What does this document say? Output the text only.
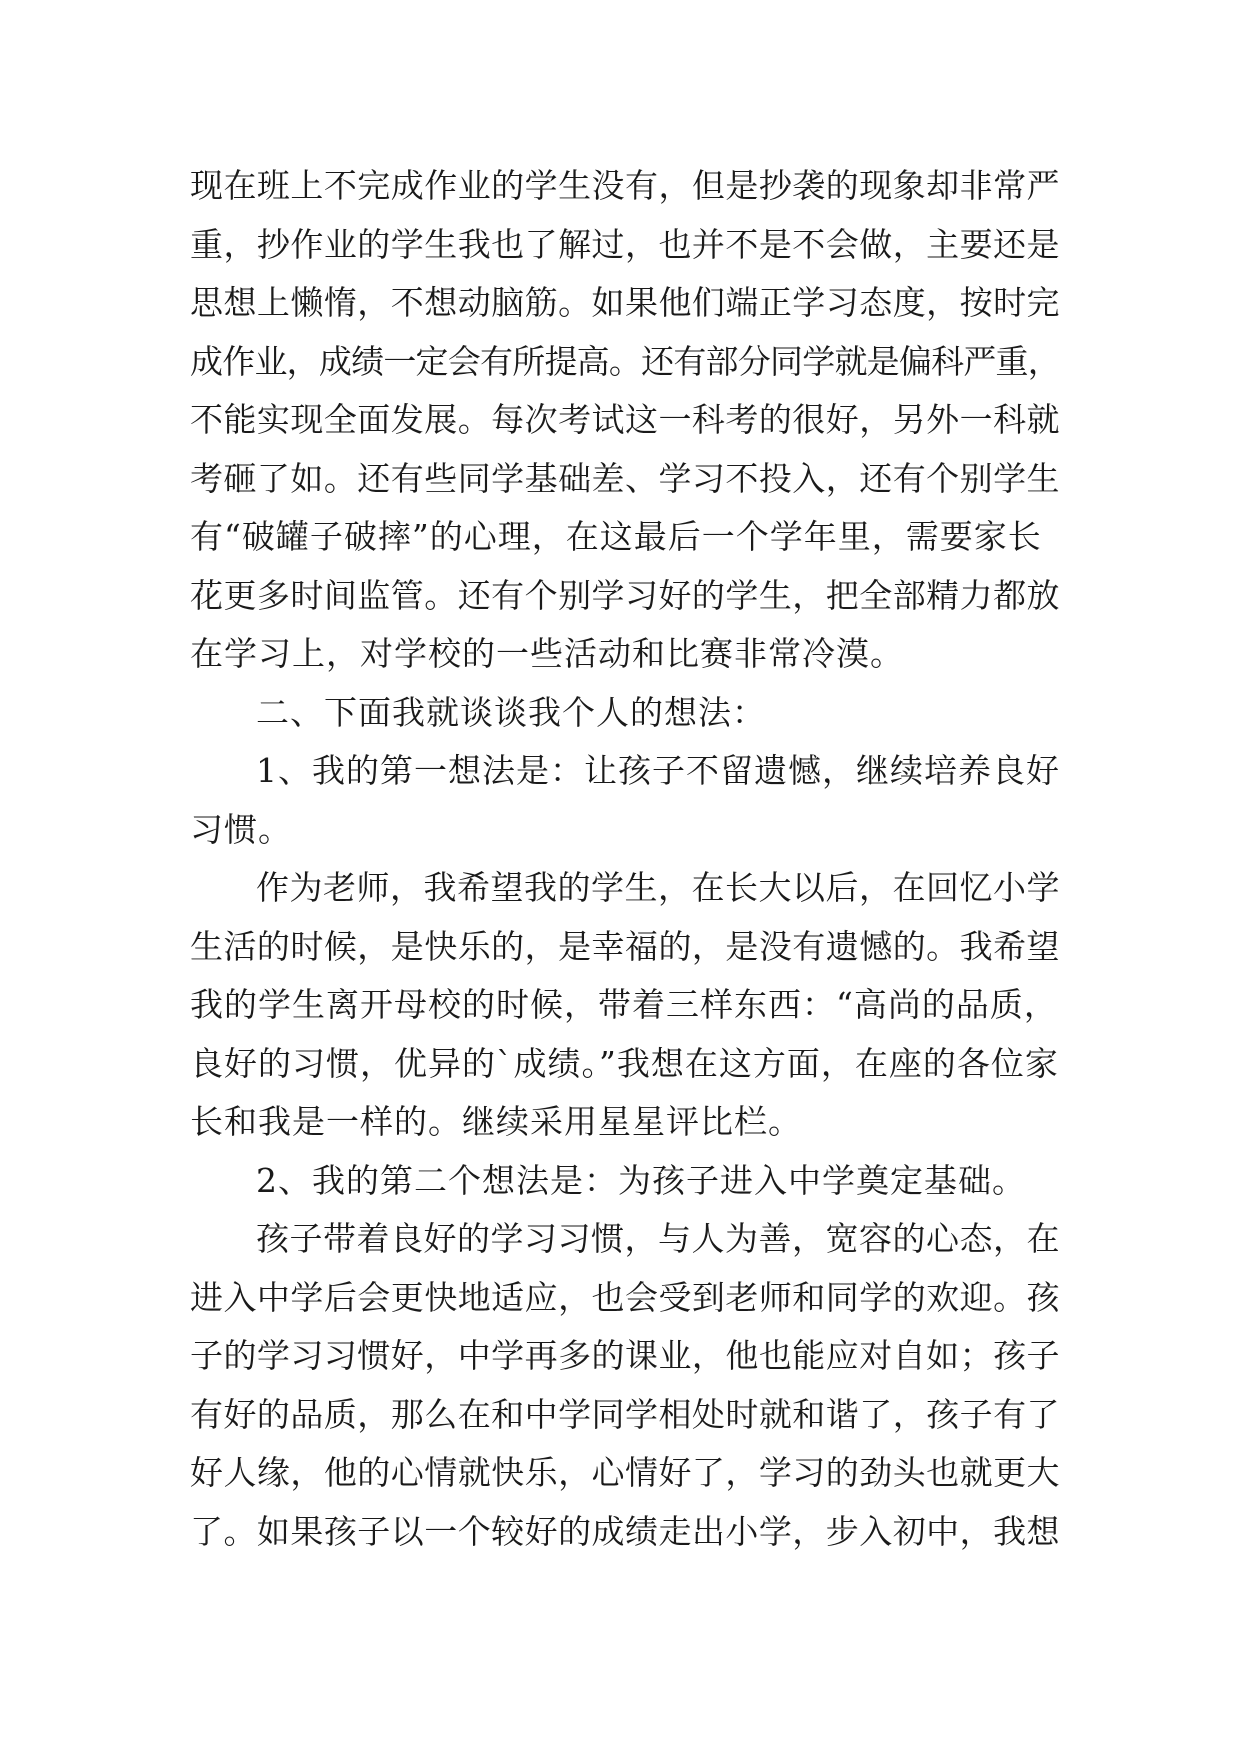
现在班上不完成作业的学生没有，但是抄袭的现象却非常严
重，抄作业的学生我也了解过，也并不是不会做，主要还是
思想上懒惰，不想动脑筋。如果他们端正学习态度，按时完
成作业，成绩一定会有所提高。还有部分同学就是偏科严重，
不能实现全面发展。每次考试这一科考的很好，另外一科就
考砸了如。还有些同学基础差、学习不投入，还有个别学生
有“破罐子破摔”的心理，在这最后一个学年里，需要家长
花更多时间监管。还有个别学习好的学生，把全部精力都放
在学习上，对学校的一些活动和比赛非常冷漠。

二、下面我就谈谈我个人的想法：

1、我的第一想法是：让孩子不留遗憾，继续培养良好
习惯。

作为老师，我希望我的学生，在长大以后，在回忆小学
生活的时候，是快乐的，是幸福的，是没有遗憾的。我希望
我的学生离开母校的时候，带着三样东西：“高尚的品质，
良好的习惯，优异的`成绩。”我想在这方面，在座的各位家
长和我是一样的。继续采用星星评比栏。

2、我的第二个想法是：为孩子进入中学奠定基础。

孩子带着良好的学习习惯，与人为善，宽容的心态，在
进入中学后会更快地适应，也会受到老师和同学的欢迎。孩
子的学习习惯好，中学再多的课业，他也能应对自如；孩子
有好的品质，那么在和中学同学相处时就和谐了，孩子有了
好人缘，他的心情就快乐，心情好了，学习的劲头也就更大
了。如果孩子以一个较好的成绩走出小学，步入初中，我想
